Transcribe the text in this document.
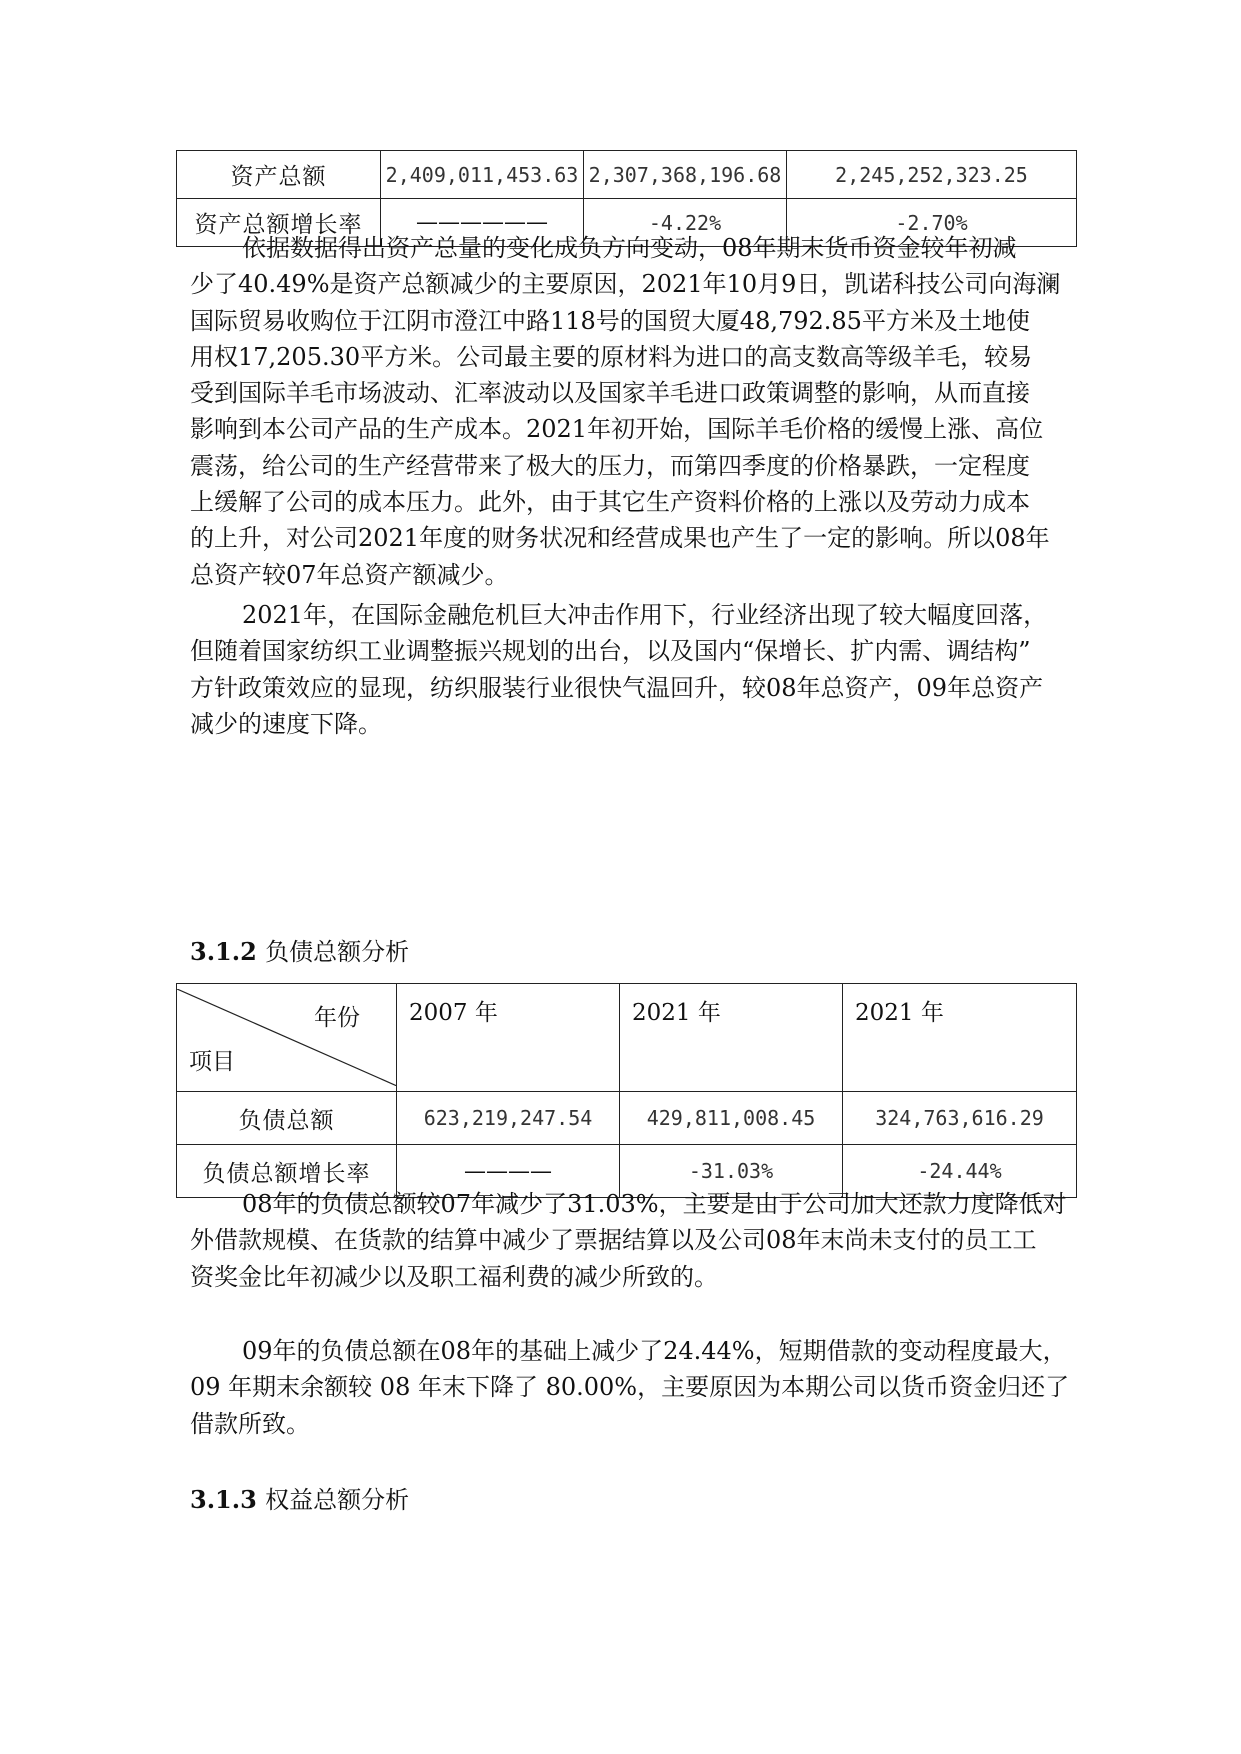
资产总额	2,409,011,453.63	2,307,368,196.68	2,245,252,323.25
资产总额增长率	——————	-4.22%	-2.70%
依据数据得出资产总量的变化成负方向变动，08年期末货币资金较年初减
少了40.49%是资产总额减少的主要原因，2021年10月9日，凯诺科技公司向海澜
国际贸易收购位于江阴市澄江中路118号的国贸大厦48,792.85平方米及土地使
用权17,205.30平方米。公司最主要的原材料为进口的高支数高等级羊毛，较易
受到国际羊毛市场波动、汇率波动以及国家羊毛进口政策调整的影响，从而直接
影响到本公司产品的生产成本。2021年初开始，国际羊毛价格的缓慢上涨、高位
震荡，给公司的生产经营带来了极大的压力，而第四季度的价格暴跌，一定程度
上缓解了公司的成本压力。此外，由于其它生产资料价格的上涨以及劳动力成本
的上升，对公司2021年度的财务状况和经营成果也产生了一定的影响。所以08年
总资产较07年总资产额减少。
2021年，在国际金融危机巨大冲击作用下，行业经济出现了较大幅度回落，
但随着国家纺织工业调整振兴规划的出台，以及国内“保增长、扩内需、调结构”
方针政策效应的显现，纺织服装行业很快气温回升，较08年总资产，09年总资产
减少的速度下降。
3.1.2 负债总额分析
年份
项目	2007 年	2021 年	2021 年
负债总额	623,219,247.54	429,811,008.45	324,763,616.29
负债总额增长率	————	-31.03%	-24.44%
08年的负债总额较07年减少了31.03%，主要是由于公司加大还款力度降低对
外借款规模、在货款的结算中减少了票据结算以及公司08年末尚未支付的员工工
资奖金比年初减少以及职工福利费的减少所致的。
09年的负债总额在08年的基础上减少了24.44%，短期借款的变动程度最大，
09 年期末余额较 08 年末下降了 80.00%，主要原因为本期公司以货币资金归还了
借款所致。
3.1.3 权益总额分析
